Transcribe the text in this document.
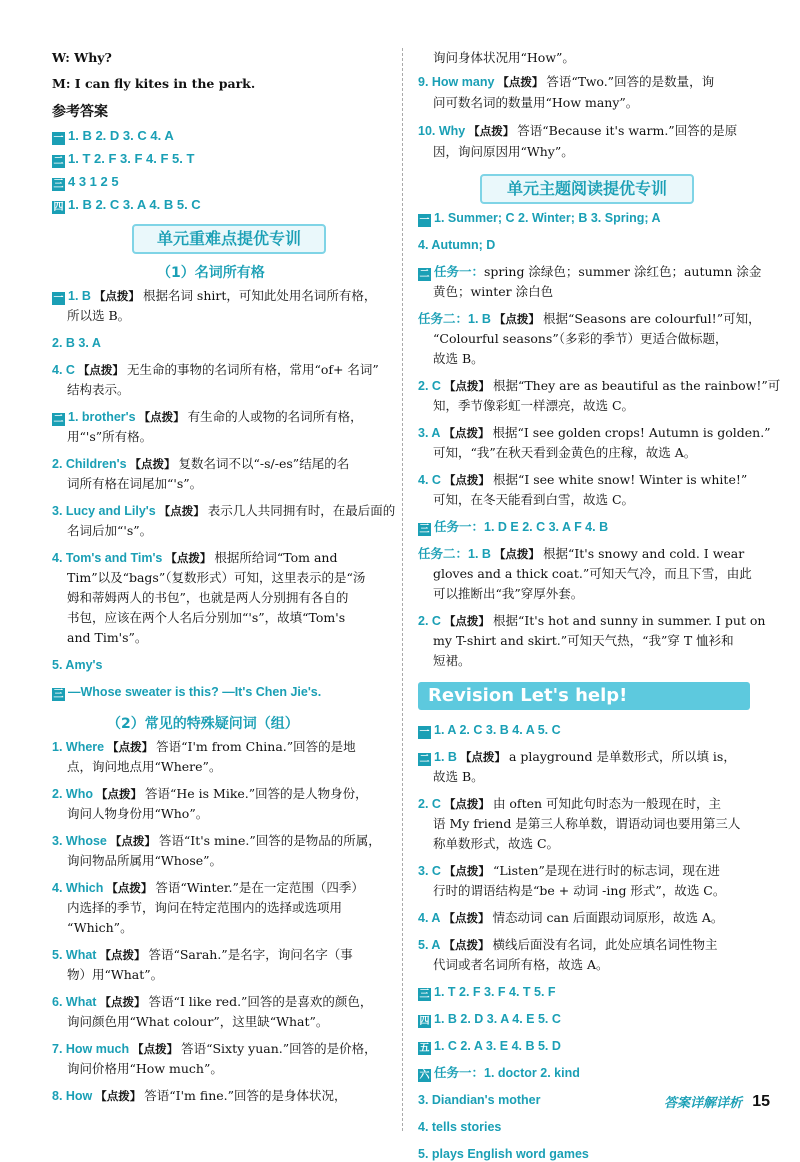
W: Why?
M: I can fly kites in the park.
参考答案
一 1. B 2. D 3. C 4. A
二 1. T 2. F 3. F 4. F 5. T
三 4 3 1 2 5
四 1. B 2. C 3. A 4. B 5. C
单元重难点提优专训
（1）名词所有格
一 1. B 【点拨】 根据名词 shirt，可知此处用名词所有格，
所以选 B。
2. B 3. A
4. C 【点拨】 无生命的事物的名词所有格，常用“of+ 名词”
结构表示。
二 1. brother's 【点拨】 有生命的人或物的名词所有格，
用“'s”所有格。
2. Children's 【点拨】 复数名词不以“-s/-es”结尾的名
词所有格在词尾加“'s”。
3. Lucy and Lily's 【点拨】 表示几人共同拥有时，在最后面的
名词后加“'s”。
4. Tom's and Tim's 【点拨】 根据所给词“Tom and
Tim”以及“bags”（复数形式）可知，这里表示的是“汤
姆和蒂姆两人的书包”，也就是两人分别拥有各自的
书包，应该在两个人名后分别加“'s”，故填“Tom's
and Tim's”。
5. Amy's
三 —Whose sweater is this? —It's Chen Jie's.
（2）常见的特殊疑问词（组）
1. Where 【点拨】 答语“I'm from China.”回答的是地
点，询问地点用“Where”。
2. Who 【点拨】 答语“He is Mike.”回答的是人物身份，
询问人物身份用“Who”。
3. Whose 【点拨】 答语“It's mine.”回答的是物品的所属，
询问物品所属用“Whose”。
4. Which 【点拨】 答语“Winter.”是在一定范围（四季）
内选择的季节，询问在特定范围内的选择或选项用
“Which”。
5. What 【点拨】 答语“Sarah.”是名字，询问名字（事
物）用“What”。
6. What 【点拨】 答语“I like red.”回答的是喜欢的颜色，
询问颜色用“What colour”，这里缺“What”。
7. How much 【点拨】 答语“Sixty yuan.”回答的是价格，
询问价格用“How much”。
8. How 【点拨】 答语“I'm fine.”回答的是身体状况，
询问身体状况用“How”。
9. How many 【点拨】 答语“Two.”回答的是数量，询
问可数名词的数量用“How many”。
10. Why 【点拨】 答语“Because it's warm.”回答的是原
因，询问原因用“Why”。
单元主题阅读提优专训
一 1. Summer; C 2. Winter; B 3. Spring; A
4. Autumn; D
二 任务一：spring 涂绿色；summer 涂红色；autumn 涂金
黄色；winter 涂白色
任务二：1. B 【点拨】 根据“Seasons are colourful!”可知，
“Colourful seasons”（多彩的季节）更适合做标题，
故选 B。
2. C 【点拨】 根据“They are as beautiful as the rainbow!”可
知，季节像彩虹一样漂亮，故选 C。
3. A 【点拨】 根据“I see golden crops! Autumn is golden.”
可知，“我”在秋天看到金黄色的庄稼，故选 A。
4. C 【点拨】 根据“I see white snow! Winter is white!”
可知，在冬天能看到白雪，故选 C。
三 任务一：1. D E 2. C 3. A F 4. B
任务二：1. B 【点拨】 根据“It's snowy and cold. I wear
gloves and a thick coat.”可知天气冷，而且下雪，由此
可以推断出“我”穿厚外套。
2. C 【点拨】 根据“It's hot and sunny in summer. I put on
my T-shirt and skirt.”可知天气热，“我”穿 T 恤衫和
短裙。
Revision Let's help!
一 1. A 2. C 3. B 4. A 5. C
二 1. B 【点拨】 a playground 是单数形式，所以填 is，
故选 B。
2. C 【点拨】 由 often 可知此句时态为一般现在时，主
语 My friend 是第三人称单数，谓语动词也要用第三人
称单数形式，故选 C。
3. C 【点拨】 “Listen”是现在进行时的标志词，现在进
行时的谓语结构是“be + 动词 -ing 形式”，故选 C。
4. A 【点拨】 情态动词 can 后面跟动词原形，故选 A。
5. A 【点拨】 横线后面没有名词，此处应填名词性物主
代词或者名词所有格，故选 A。
三 1. T 2. F 3. F 4. T 5. F
四 1. B 2. D 3. A 4. E 5. C
五 1. C 2. A 3. E 4. B 5. D
六 任务一：1. doctor 2. kind
3. Diandian's mother
4. tells stories
5. plays English word games
答案详解详析 15
